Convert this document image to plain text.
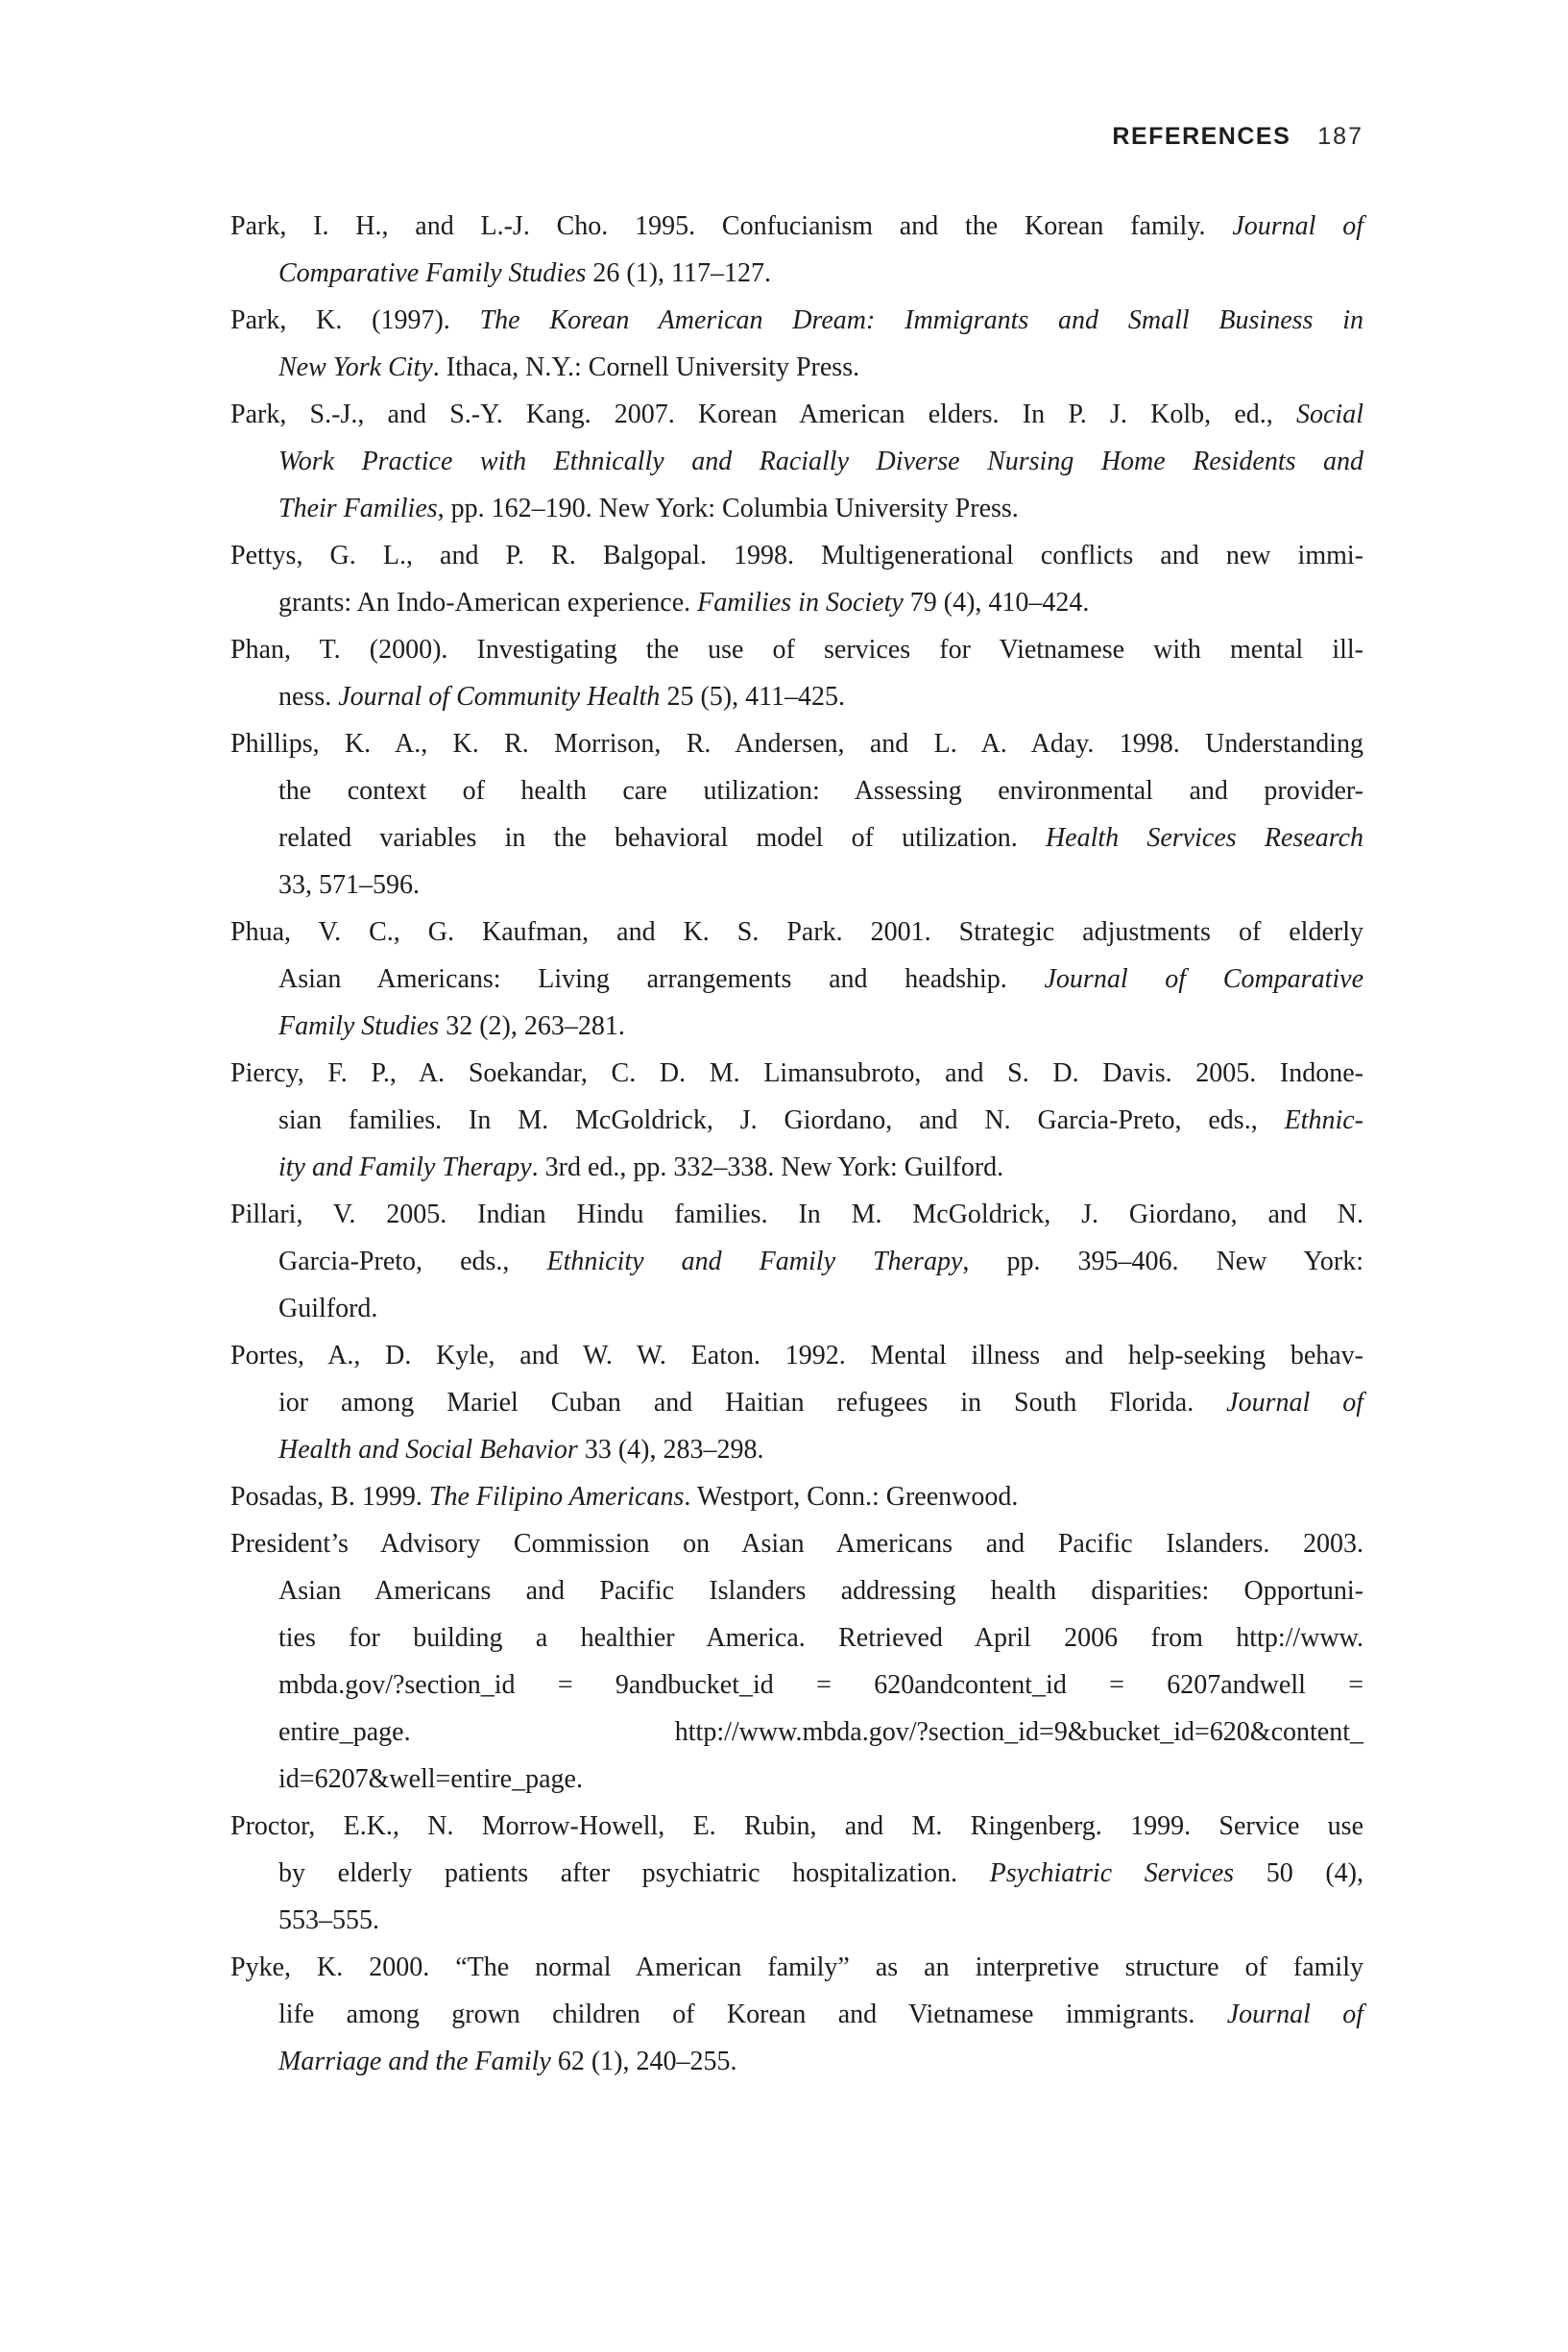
REFERENCES 187
Park, I. H., and L.-J. Cho. 1995. Confucianism and the Korean family. Journal of
Comparative Family Studies 26 (1), 117–127.
Park, K. (1997). The Korean American Dream: Immigrants and Small Business in
New York City. Ithaca, N.Y.: Cornell University Press.
Park, S.-J., and S.-Y. Kang. 2007. Korean American elders. In P. J. Kolb, ed., Social
Work Practice with Ethnically and Racially Diverse Nursing Home Residents and
Their Families, pp. 162–190. New York: Columbia University Press.
Pettys, G. L., and P. R. Balgopal. 1998. Multigenerational conflicts and new immi-
grants: An Indo-American experience. Families in Society 79 (4), 410–424.
Phan, T. (2000). Investigating the use of services for Vietnamese with mental ill-
ness. Journal of Community Health 25 (5), 411–425.
Phillips, K. A., K. R. Morrison, R. Andersen, and L. A. Aday. 1998. Understanding
the context of health care utilization: Assessing environmental and provider-
related variables in the behavioral model of utilization. Health Services Research
33, 571–596.
Phua, V. C., G. Kaufman, and K. S. Park. 2001. Strategic adjustments of elderly
Asian Americans: Living arrangements and headship. Journal of Comparative
Family Studies 32 (2), 263–281.
Piercy, F. P., A. Soekandar, C. D. M. Limansubroto, and S. D. Davis. 2005. Indone-
sian families. In M. McGoldrick, J. Giordano, and N. Garcia-Preto, eds., Ethnic-
ity and Family Therapy. 3rd ed., pp. 332–338. New York: Guilford.
Pillari, V. 2005. Indian Hindu families. In M. McGoldrick, J. Giordano, and N.
Garcia-Preto, eds., Ethnicity and Family Therapy, pp. 395–406. New York:
Guilford.
Portes, A., D. Kyle, and W. W. Eaton. 1992. Mental illness and help-seeking behav-
ior among Mariel Cuban and Haitian refugees in South Florida. Journal of
Health and Social Behavior 33 (4), 283–298.
Posadas, B. 1999. The Filipino Americans. Westport, Conn.: Greenwood.
President’s Advisory Commission on Asian Americans and Pacific Islanders. 2003.
Asian Americans and Pacific Islanders addressing health disparities: Opportuni-
ties for building a healthier America. Retrieved April 2006 from http://www.
mbda.gov/?section_id = 9andbucket_id = 620andcontent_id = 6207andwell =
entire_page. http://www.mbda.gov/?section_id=9&bucket_id=620&content_
id=6207&well=entire_page.
Proctor, E.K., N. Morrow-Howell, E. Rubin, and M. Ringenberg. 1999. Service use
by elderly patients after psychiatric hospitalization. Psychiatric Services 50 (4),
553–555.
Pyke, K. 2000. “The normal American family” as an interpretive structure of family
life among grown children of Korean and Vietnamese immigrants. Journal of
Marriage and the Family 62 (1), 240–255.
